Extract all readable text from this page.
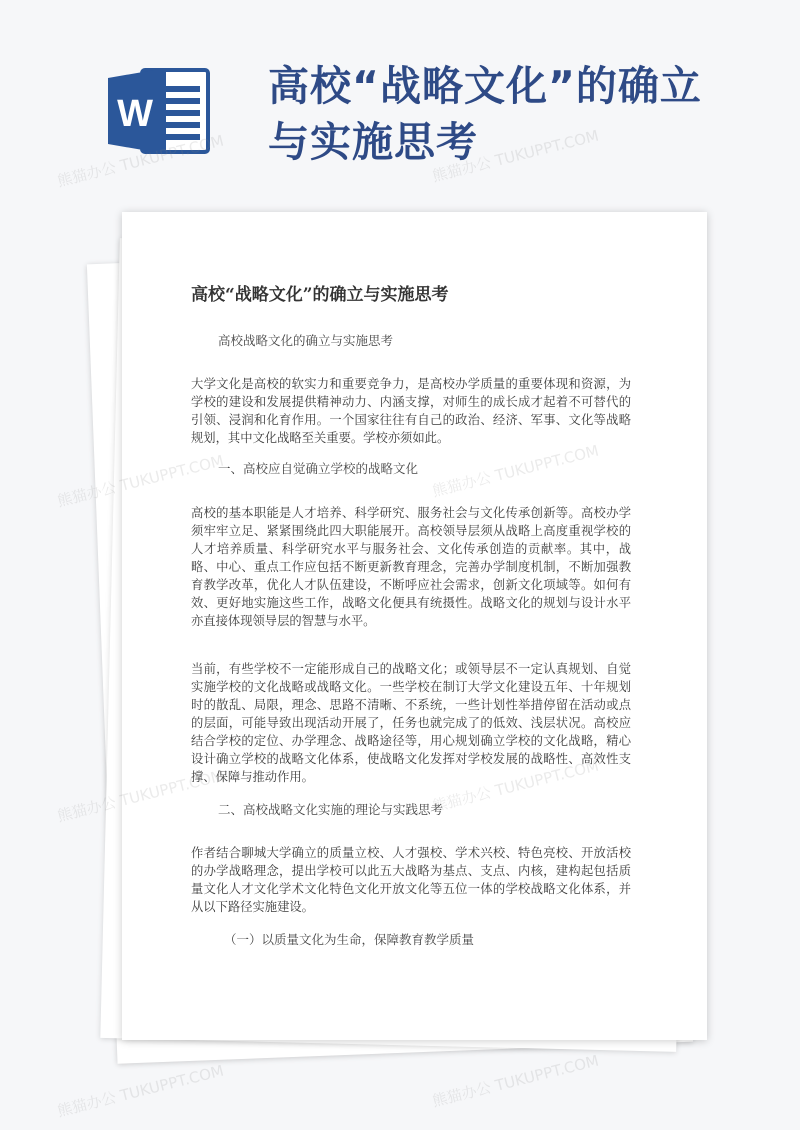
W
高校“战略文化”的确立与实施思考
高校“战略文化”的确立与实施思考
高校战略文化的确立与实施思考
大学文化是高校的软实力和重要竞争力，是高校办学质量的重要体现和资源，为学校的建设和发展提供精神动力、内涵支撑，对师生的成长成才起着不可替代的引领、浸润和化育作用。一个国家往往有自己的政治、经济、军事、文化等战略规划，其中文化战略至关重要。学校亦须如此。
一、高校应自觉确立学校的战略文化
高校的基本职能是人才培养、科学研究、服务社会与文化传承创新等。高校办学须牢牢立足、紧紧围绕此四大职能展开。高校领导层须从战略上高度重视学校的人才培养质量、科学研究水平与服务社会、文化传承创造的贡献率。其中，战略、中心、重点工作应包括不断更新教育理念，完善办学制度机制，不断加强教育教学改革，优化人才队伍建设，不断呼应社会需求，创新文化项域等。如何有效、更好地实施这些工作，战略文化便具有统摄性。战略文化的规划与设计水平亦直接体现领导层的智慧与水平。
当前，有些学校不一定能形成自己的战略文化；或领导层不一定认真规划、自觉实施学校的文化战略或战略文化。一些学校在制订大学文化建设五年、十年规划时的散乱、局限，理念、思路不清晰、不系统，一些计划性举措停留在活动或点的层面，可能导致出现活动开展了，任务也就完成了的低效、浅层状况。高校应结合学校的定位、办学理念、战略途径等，用心规划确立学校的文化战略，精心设计确立学校的战略文化体系，使战略文化发挥对学校发展的战略性、高效性支撑、保障与推动作用。
二、高校战略文化实施的理论与实践思考
作者结合聊城大学确立的质量立校、人才强校、学术兴校、特色亮校、开放活校的办学战略理念，提出学校可以此五大战略为基点、支点、内核，建构起包括质量文化人才文化学术文化特色文化开放文化等五位一体的学校战略文化体系，并从以下路径实施建设。
（一）以质量文化为生命，保障教育教学质量
熊猫办公 TUKUPPT.COM	熊猫办公 TUKUPPT.COM
熊猫办公
熊猫办公
熊猫办公 TUKUPPT.COM	熊猫办公 TUKUPPT.COM
